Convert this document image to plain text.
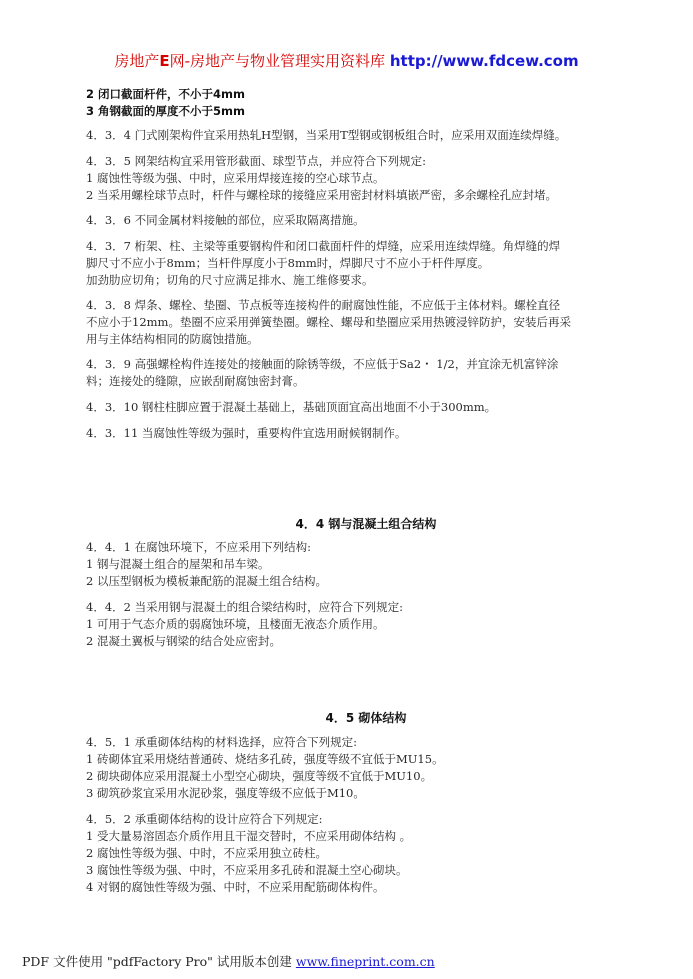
房地产E网-房地产与物业管理实用资料库 http://www.fdcew.com
2 闭口截面杆件，不小于4mm
3 角钢截面的厚度不小于5mm
4．3．4 门式刚架构件宜采用热轧H型钢，当采用T型钢或钢板组合时，应采用双面连续焊缝。
4．3．5 网架结构宜采用管形截面、球型节点，并应符合下列规定:
1 腐蚀性等级为强、中时，应采用焊接连接的空心球节点。
2 当采用螺栓球节点时，杆件与螺栓球的接缝应采用密封材料填嵌严密，多余螺栓孔应封堵。
4．3．6 不同金属材料接触的部位，应采取隔离措施。
4．3．7 桁架、柱、主梁等重要钢构件和闭口截面杆件的焊缝，应采用连续焊缝。角焊缝的焊
脚尺寸不应小于8mm；当杆件厚度小于8mm时，焊脚尺寸不应小于杆件厚度。
加劲肋应切角；切角的尺寸应满足排水、施工维修要求。
4．3．8 焊条、螺栓、垫圈、节点板等连接构件的耐腐蚀性能，不应低于主体材料。螺栓直径
不应小于12mm。垫圈不应采用弹簧垫圈。螺栓、螺母和垫圈应采用热镀浸锌防护，安装后再采
用与主体结构相同的防腐蚀措施。
4．3．9 高强螺栓构件连接处的接触面的除锈等级，不应低于Sa2・ 1/2，并宜涂无机富锌涂
料；连接处的缝隙，应嵌刮耐腐蚀密封膏。
4．3．10 钢柱柱脚应置于混凝土基础上，基础顶面宜高出地面不小于300mm。
4．3．11 当腐蚀性等级为强时，重要构件宜选用耐候钢制作。
4．4 钢与混凝土组合结构
4．4．1 在腐蚀环境下，不应采用下列结构:
1 钢与混凝土组合的屋架和吊车梁。
2 以压型钢板为模板兼配筋的混凝土组合结构。
4．4．2 当采用钢与混凝土的组合梁结构时，应符合下列规定:
1 可用于气态介质的弱腐蚀环境，且楼面无液态介质作用。
2 混凝土翼板与钢梁的结合处应密封。
4．5 砌体结构
4．5．1 承重砌体结构的材料选择，应符合下列规定:
1 砖砌体宜采用烧结普通砖、烧结多孔砖，强度等级不宜低于MU15。
2 砌块砌体应采用混凝土小型空心砌块，强度等级不宜低于MU10。
3 砌筑砂浆宜采用水泥砂浆，强度等级不应低于M10。
4．5．2 承重砌体结构的设计应符合下列规定:
1 受大量易溶固态介质作用且干湿交替时，不应采用砌体结构 。
2 腐蚀性等级为强、中时，不应采用独立砖柱。
3 腐蚀性等级为强、中时，不应采用多孔砖和混凝土空心砌块。
4 对钢的腐蚀性等级为强、中时，不应采用配筋砌体构件。
PDF 文件使用 "pdfFactory Pro" 试用版本创建 www.fineprint.com.cn
